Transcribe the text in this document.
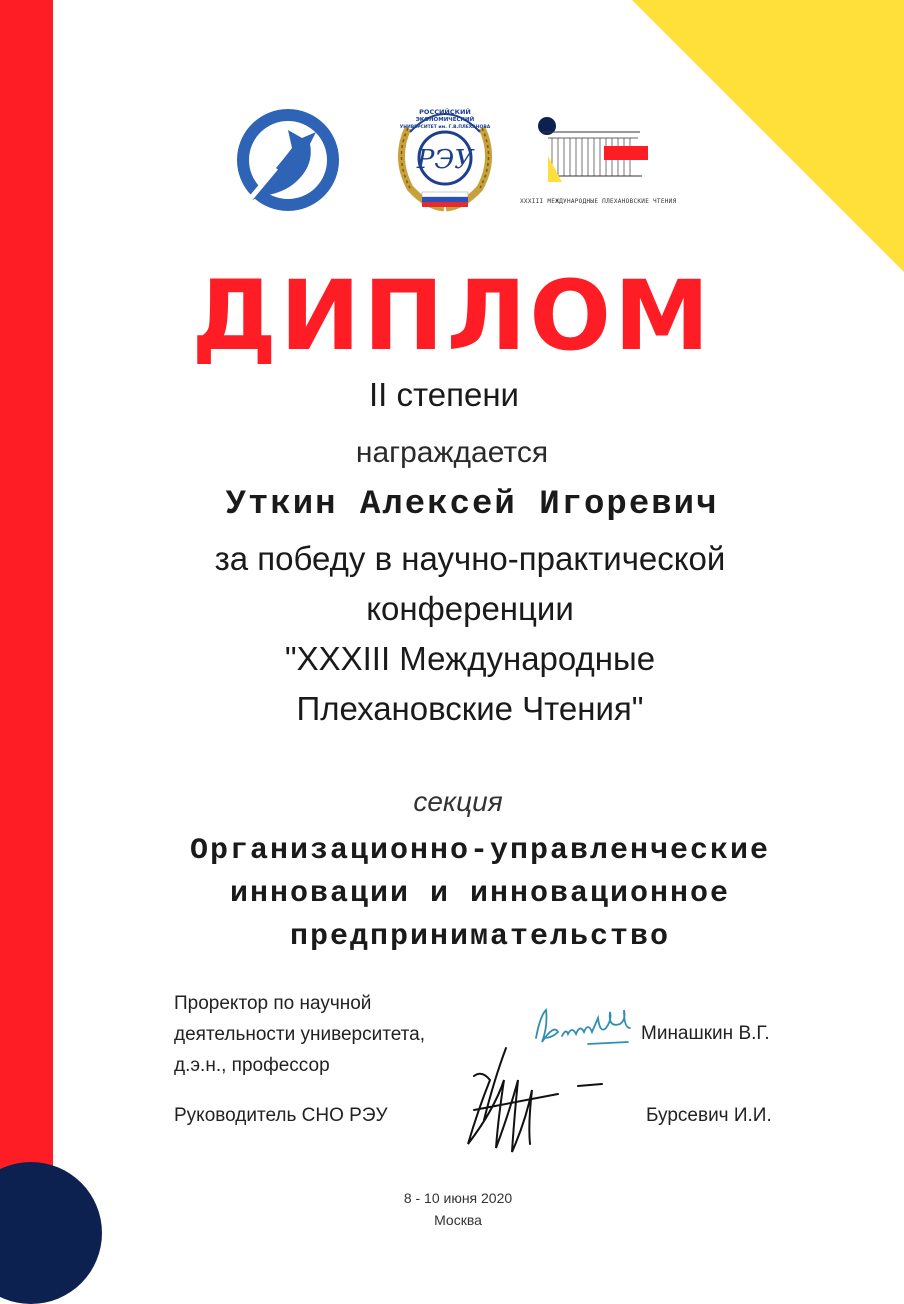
РОССИЙСКИЙ
ЭКОНОМИЧЕСКИЙ
УНИВЕРСИТЕТ им. Г.В.ПЛЕХАНОВА
РЭУ
XXXIII МЕЖДУНАРОДНЫЕ ПЛЕХАНОВСКИЕ ЧТЕНИЯ
ДИПЛОМ
II степени
награждается
Уткин Алексей Игоревич
за победу в научно-практической
конференции
"XXXIII Международные
Плехановские Чтения"
секция
Организационно-управленческие
инновации и инновационное
предпринимательство
Проректор по научной
деятельности университета,
д.э.н., профессор
Минашкин В.Г.
Руководитель СНО РЭУ	Бурсевич И.И.
8 - 10 июня 2020
Москва
